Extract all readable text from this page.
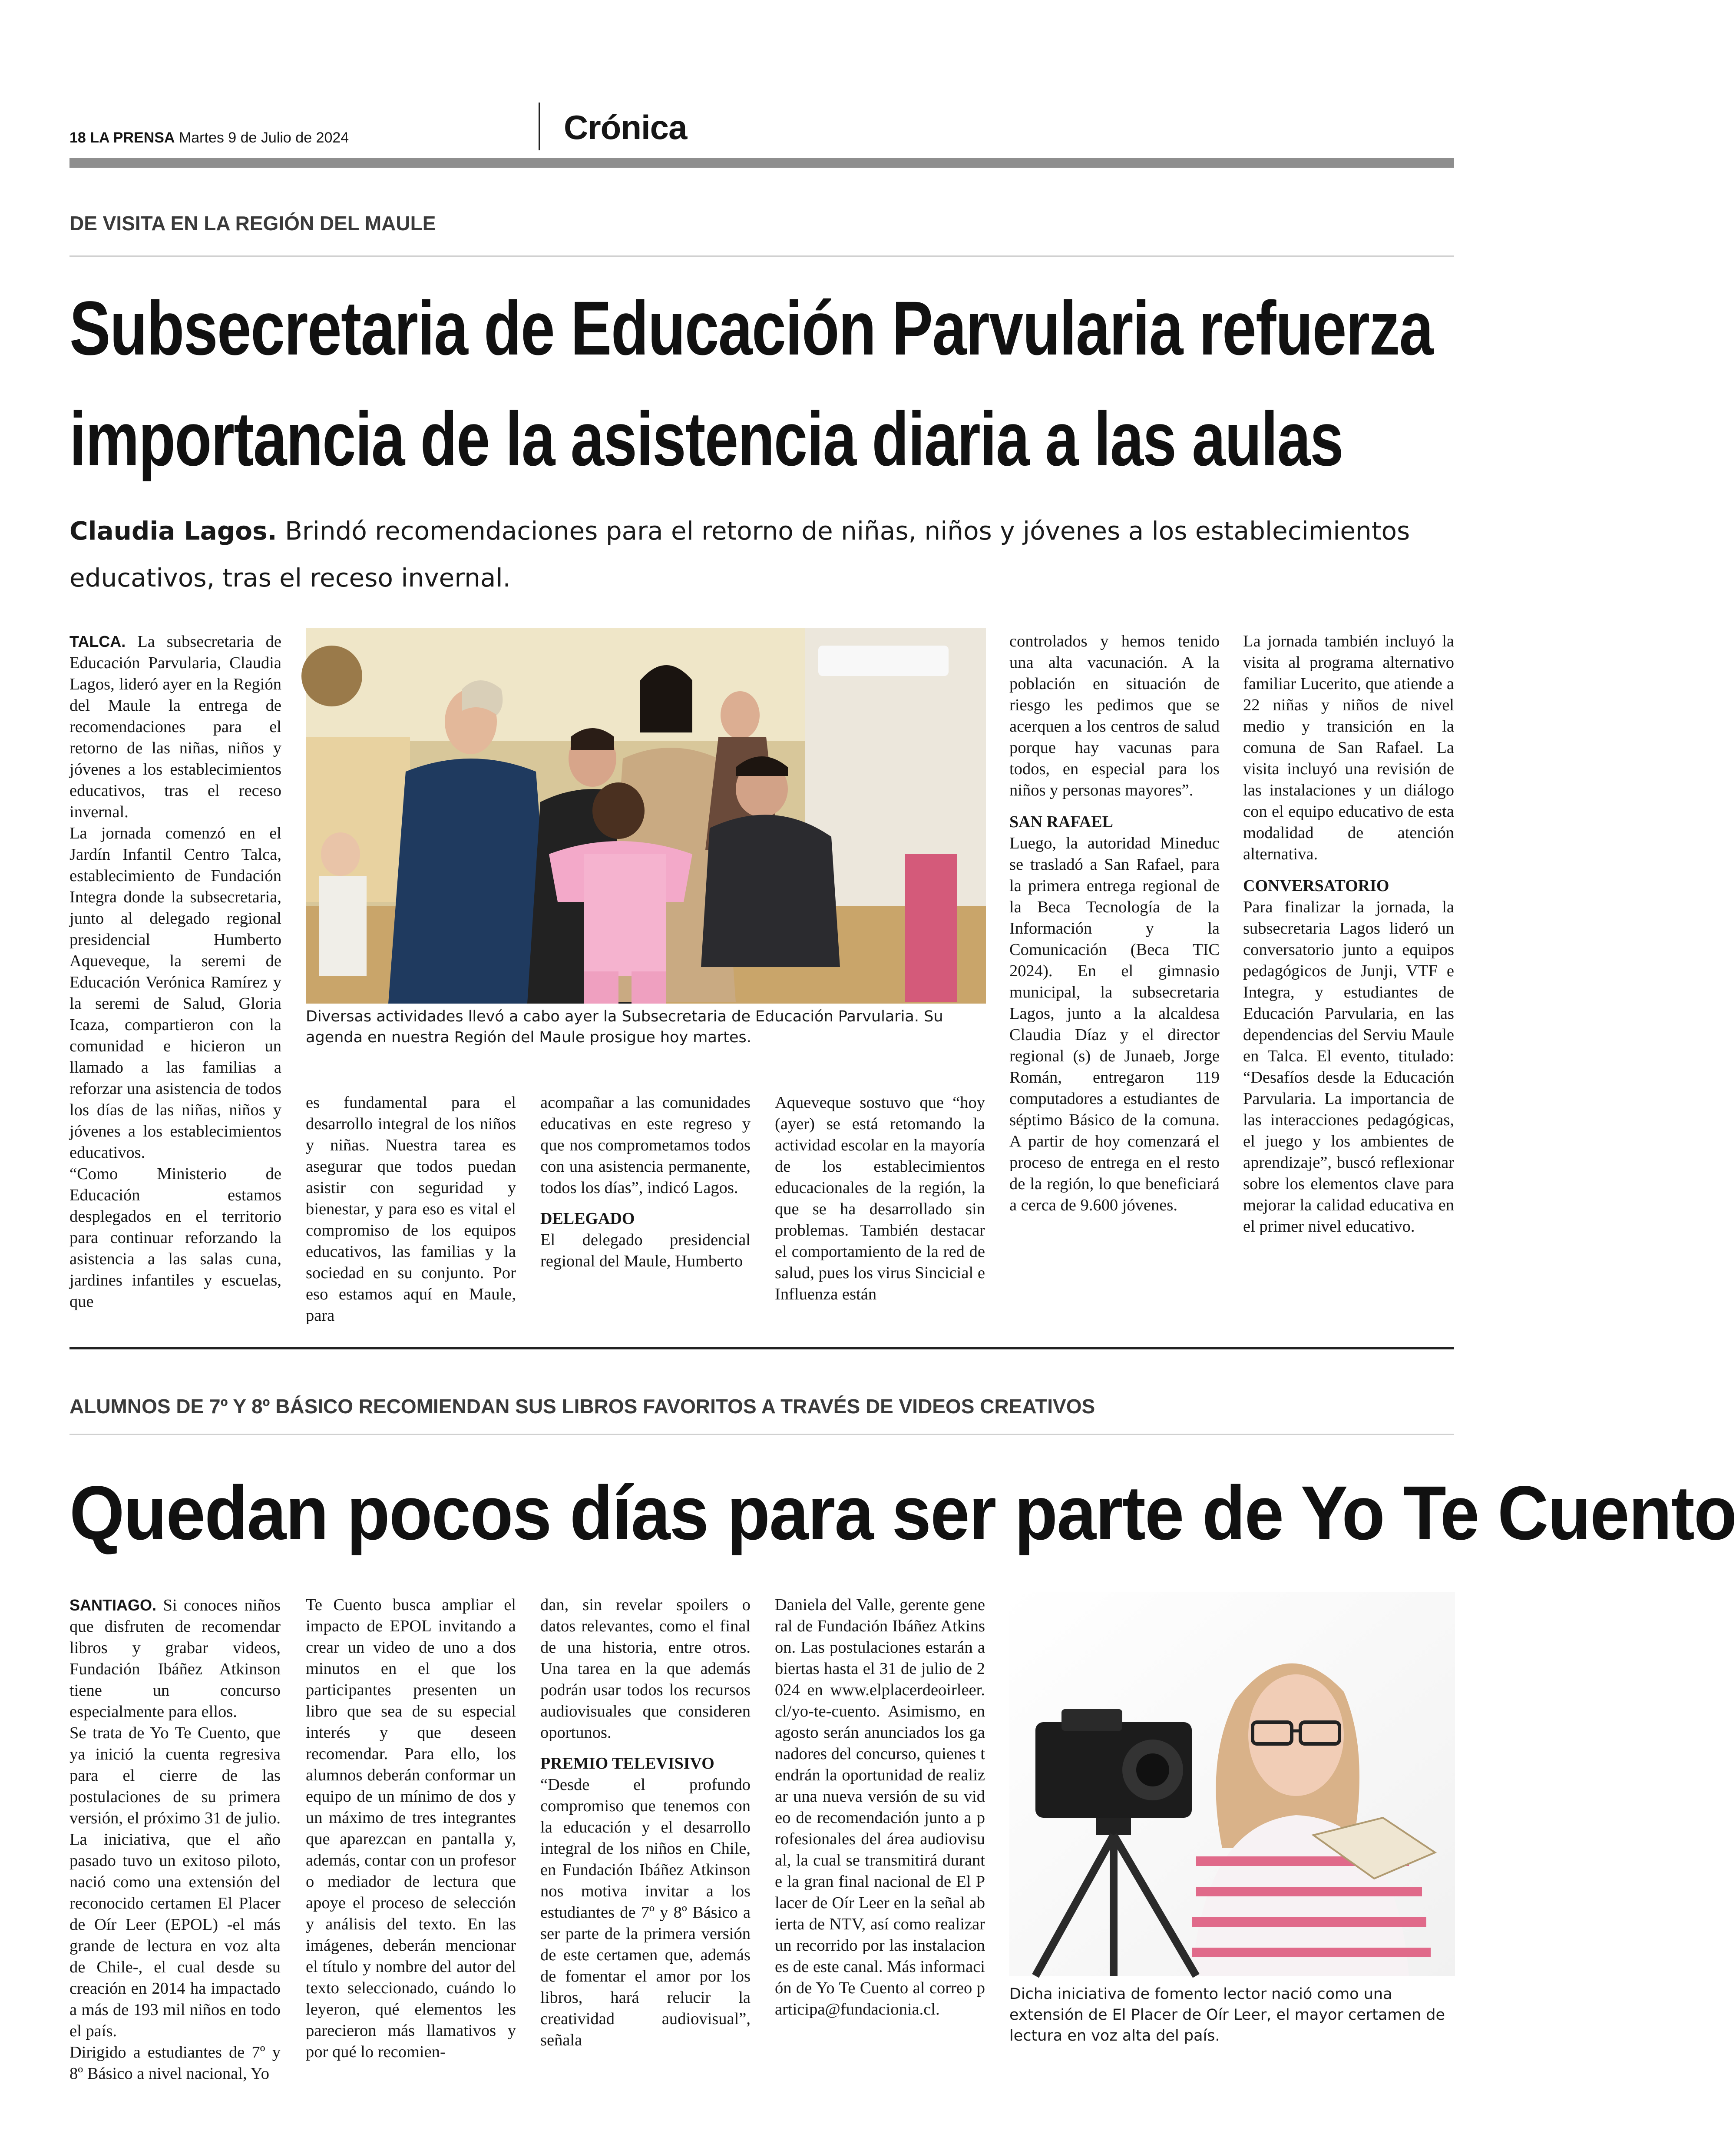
18 LA PRENSA Martes 9 de Julio de 2024	Crónica
DE VISITA EN LA REGIÓN DEL MAULE
Subsecretaria de Educación Parvularia refuerza
importancia de la asistencia diaria a las aulas
Claudia Lagos. Brindó recomendaciones para el retorno de niñas, niños y jóvenes a los establecimientos educativos, tras el receso invernal.

TALCA. La subsecretaria de Educación Parvularia, Claudia Lagos, lideró ayer en la Región del Maule la entrega de recomendaciones para el retorno de las niñas, niños y jóvenes a los establecimientos educativos, tras el receso invernal.

La jornada comenzó en el Jardín Infantil Centro Talca, establecimiento de Fundación Integra donde la subsecretaria, junto al delegado regional presidencial Humberto Aqueveque, la seremi de Educación Verónica Ramírez y la seremi de Salud, Gloria Icaza, compartieron con la comunidad e hicieron un llamado a las familias a reforzar una asistencia de todos los días de las niñas, niños y jóvenes a los establecimientos educativos.

“Como Ministerio de Educación estamos desplegados en el territorio para continuar reforzando la asistencia a las salas cuna, jardines infantiles y escuelas, que

Diversas actividades llevó a cabo ayer la Subsecretaria de Educación Parvularia. Su agenda en nuestra Región del Maule prosigue hoy martes.

es fundamental para el desarrollo integral de los niños y niñas. Nuestra tarea es asegurar que todos puedan asistir con seguridad y bienestar, y para eso es vital el compromiso de los equipos educativos, las familias y la sociedad en su conjunto. Por eso estamos aquí en Maule, para

acompañar a las comunidades educativas en este regreso y que nos comprometamos todos con una asistencia permanente, todos los días”, indicó Lagos.

DELEGADO

El delegado presidencial regional del Maule, Humberto

Aqueveque sostuvo que “hoy (ayer) se está retomando la actividad escolar en la mayoría de los establecimientos educacionales de la región, la que se ha desarrollado sin problemas. También destacar el comportamiento de la red de salud, pues los virus Sincicial e Influenza están

controlados y hemos tenido una alta vacunación. A la población en situación de riesgo les pedimos que se acerquen a los centros de salud porque hay vacunas para todos, en especial para los niños y personas mayores”.

SAN RAFAEL

Luego, la autoridad Mineduc se trasladó a San Rafael, para la primera entrega regional de la Beca Tecnología de la Información y la Comunicación (Beca TIC 2024). En el gimnasio municipal, la subsecretaria Lagos, junto a la alcaldesa Claudia Díaz y el director regional (s) de Junaeb, Jorge Román, entregaron 119 computadores a estudiantes de séptimo Básico de la comuna. A partir de hoy comenzará el proceso de entrega en el resto de la región, lo que beneficiará a cerca de 9.600 jóvenes.

La jornada también incluyó la visita al programa alternativo familiar Lucerito, que atiende a 22 niñas y niños de nivel medio y transición en la comuna de San Rafael. La visita incluyó una revisión de las instalaciones y un diálogo con el equipo educativo de esta modalidad de atención alternativa.

CONVERSATORIO

Para finalizar la jornada, la subsecretaria Lagos lideró un conversatorio junto a equipos pedagógicos de Junji, VTF e Integra, y estudiantes de Educación Parvularia, en las dependencias del Serviu Maule en Talca. El evento, titulado: “Desafíos desde la Educación Parvularia. La importancia de las interacciones pedagógicas, el juego y los ambientes de aprendizaje”, buscó reflexionar sobre los elementos clave para mejorar la calidad educativa en el primer nivel educativo.

ALUMNOS DE 7º Y 8º BÁSICO RECOMIENDAN SUS LIBROS FAVORITOS A TRAVÉS DE VIDEOS CREATIVOS
Quedan pocos días para ser parte de Yo Te Cuento

SANTIAGO. Si conoces niños que disfruten de recomendar libros y grabar videos, Fundación Ibáñez Atkinson tiene un concurso especialmente para ellos.

Se trata de Yo Te Cuento, que ya inició la cuenta regresiva para el cierre de las postulaciones de su primera versión, el próximo 31 de julio. La iniciativa, que el año pasado tuvo un exitoso piloto, nació como una extensión del reconocido certamen El Placer de Oír Leer (EPOL) -el más grande de lectura en voz alta de Chile-, el cual desde su creación en 2014 ha impactado a más de 193 mil niños en todo el país.

Dirigido a estudiantes de 7º y 8º Básico a nivel nacional, Yo

Te Cuento busca ampliar el impacto de EPOL invitando a crear un video de uno a dos minutos en el que los participantes presenten un libro que sea de su especial interés y que deseen recomendar. Para ello, los alumnos deberán conformar un equipo de un mínimo de dos y un máximo de tres integrantes que aparezcan en pantalla y, además, contar con un profesor o mediador de lectura que apoye el proceso de selección y análisis del texto. En las imágenes, deberán mencionar el título y nombre del autor del texto seleccionado, cuándo lo leyeron, qué elementos les parecieron más llamativos y por qué lo recomien-

dan, sin revelar spoilers o datos relevantes, como el final de una historia, entre otros. Una tarea en la que además podrán usar todos los recursos audiovisuales que consideren oportunos.

PREMIO TELEVISIVO

“Desde el profundo compromiso que tenemos con la educación y el desarrollo integral de los niños en Chile, en Fundación Ibáñez Atkinson nos motiva invitar a los estudiantes de 7º y 8º Básico a ser parte de la primera versión de este certamen que, además de fomentar el amor por los libros, hará relucir la creatividad audiovisual”, señala

Daniela del Valle, gerente general de Fundación Ibáñez Atkinson. Las postulaciones estarán abiertas hasta el 31 de julio de 2024 en www.elplacerdeoirleer.cl/yo-te-cuento. Asimismo, en agosto serán anunciados los ganadores del concurso, quienes tendrán la oportunidad de realizar una nueva versión de su video de recomendación junto a profesionales del área audiovisual, la cual se transmitirá durante la gran final nacional de El Placer de Oír Leer en la señal abierta de NTV, así como realizar un recorrido por las instalaciones de este canal. Más información de Yo Te Cuento al correo participa@fundacionia.cl.

Dicha iniciativa de fomento lector nació como una extensión de El Placer de Oír Leer, el mayor certamen de lectura en voz alta del país.
